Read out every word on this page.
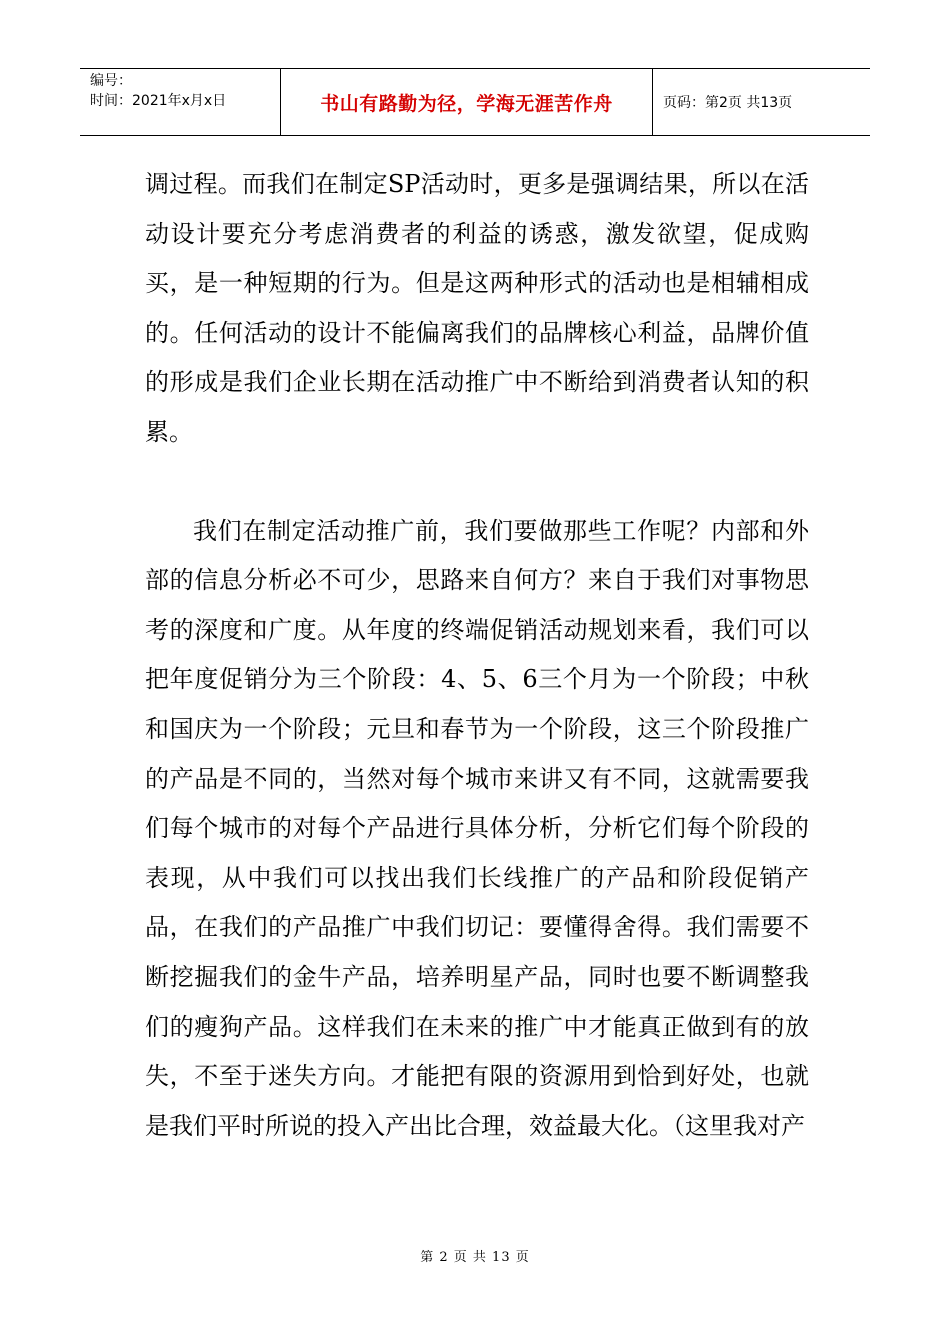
编号：
时间：2021年x月x日	书山有路勤为径，学海无涯苦作舟	页码：第2页 共13页

调过程。而我们在制定SP活动时，更多是强调结果，所以在活动设计要充分考虑消费者的利益的诱惑，激发欲望，促成购买，是一种短期的行为。但是这两种形式的活动也是相辅相成的。任何活动的设计不能偏离我们的品牌核心利益，品牌价值的形成是我们企业长期在活动推广中不断给到消费者认知的积累。

我们在制定活动推广前，我们要做那些工作呢？内部和外部的信息分析必不可少，思路来自何方？来自于我们对事物思考的深度和广度。从年度的终端促销活动规划来看，我们可以把年度促销分为三个阶段：4、5、6三个月为一个阶段；中秋和国庆为一个阶段；元旦和春节为一个阶段，这三个阶段推广的产品是不同的，当然对每个城市来讲又有不同，这就需要我们每个城市的对每个产品进行具体分析，分析它们每个阶段的表现，从中我们可以找出我们长线推广的产品和阶段促销产品，在我们的产品推广中我们切记：要懂得舍得。我们需要不断挖掘我们的金牛产品，培养明星产品，同时也要不断调整我们的瘦狗产品。这样我们在未来的推广中才能真正做到有的放失，不至于迷失方向。才能把有限的资源用到恰到好处，也就是我们平时所说的投入产出比合理，效益最大化。（这里我对产

第 2 页 共 13 页
